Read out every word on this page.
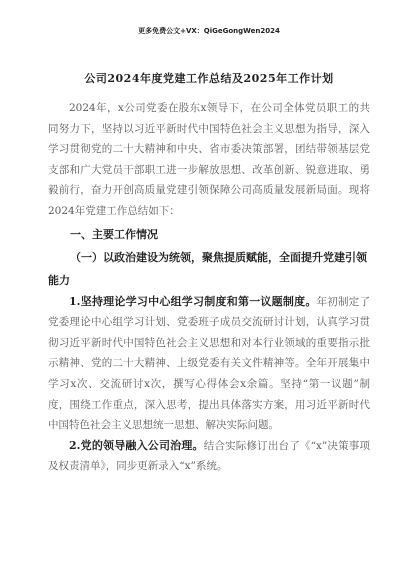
更多免费公文+VX：QiGeGongWen2024
公司2024年度党建工作总结及2025年工作计划

2024年，x公司党委在股东x领导下，在公司全体党员职工的共同努力下，坚持以习近平新时代中国特色社会主义思想为指导，深入学习贯彻党的二十大精神和中央、省市委决策部署，团结带领基层党支部和广大党员干部职工进一步解放思想、改革创新、锐意进取、勇毅前行，奋力开创高质量党建引领保障公司高质量发展新局面。现将2024年党建工作总结如下：

一、主要工作情况
（一）以政治建设为统领，聚焦提质赋能，全面提升党建引领能力

1.坚持理论学习中心组学习制度和第一议题制度。年初制定了党委理论中心组学习计划、党委班子成员交流研讨计划，认真学习贯彻习近平新时代中国特色社会主义思想和对本行业领域的重要指示批示精神、党的二十大精神、上级党委有关文件精神等。全年开展集中学习x次、交流研讨x次，撰写心得体会x余篇。坚持“第一议题”制度，围绕工作重点，深入思考，提出具体落实方案，用习近平新时代中国特色社会主义思想统一思想、解决实际问题。

2.党的领导融入公司治理。结合实际修订出台了《“x”决策事项及权责清单》，同步更新录入“x”系统。
